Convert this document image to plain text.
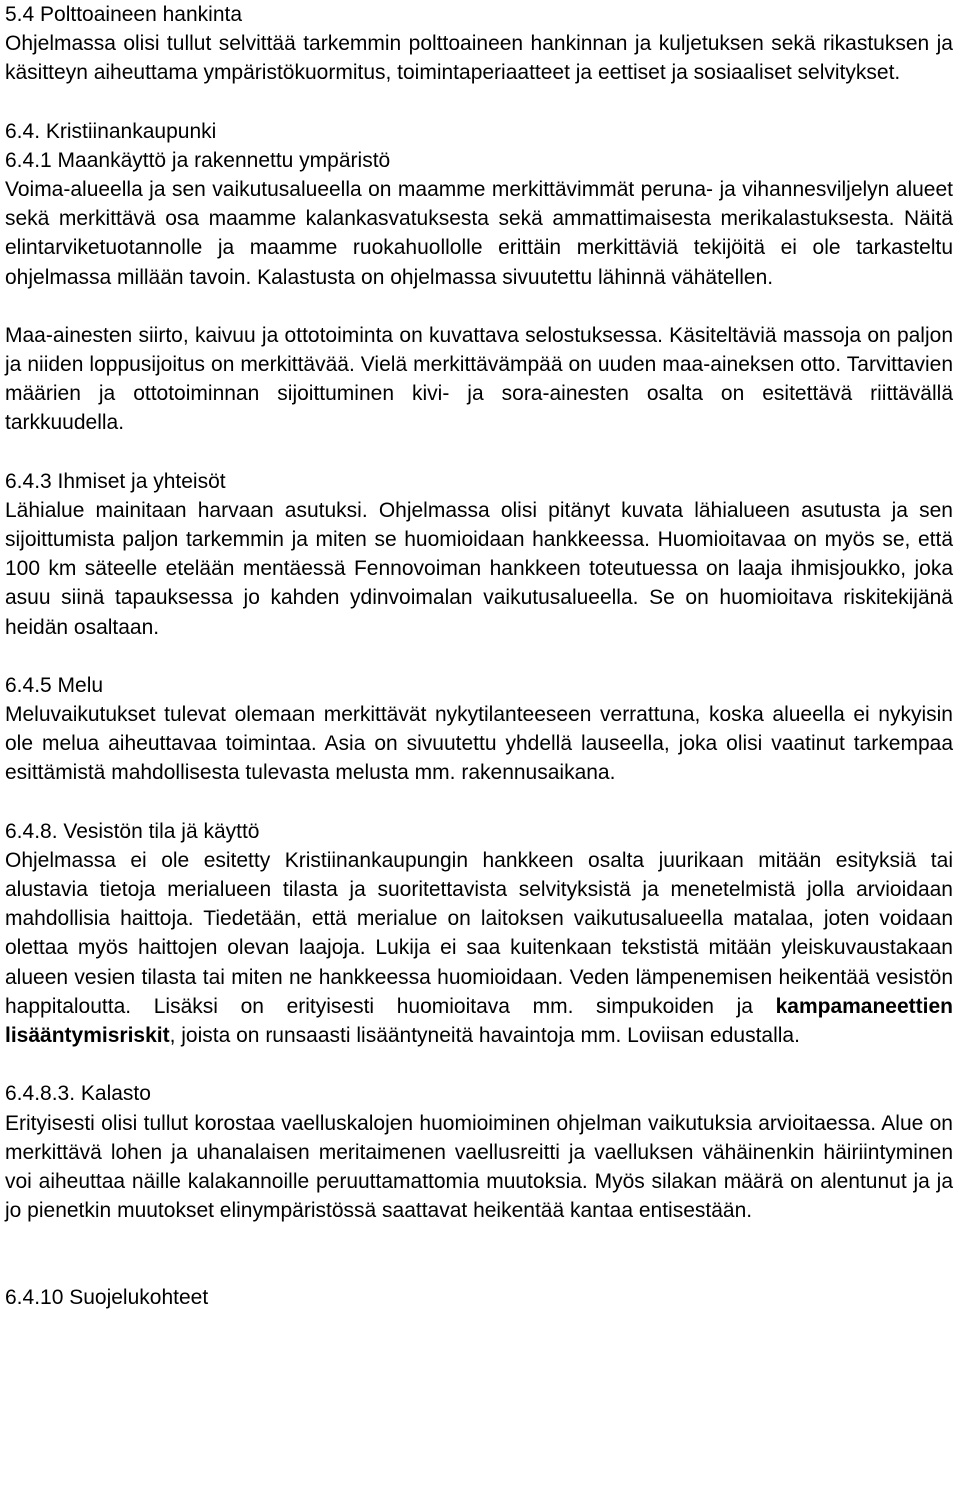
5.4 Polttoaineen hankinta

Ohjelmassa olisi tullut selvittää tarkemmin polttoaineen hankinnan ja kuljetuksen sekä rikastuksen ja käsitteyn aiheuttama ympäristökuormitus, toimintaperiaatteet ja eettiset ja sosiaaliset selvitykset.

6.4. Kristiinankaupunki
6.4.1 Maankäyttö ja rakennettu ympäristö

Voima-alueella ja sen vaikutusalueella on maamme merkittävimmät peruna- ja vihannesviljelyn alueet sekä merkittävä osa maamme kalankasvatuksesta sekä ammattimaisesta merikalastuksesta. Näitä elintarviketuotannolle ja maamme ruokahuollolle erittäin merkittäviä tekijöitä ei ole tarkasteltu ohjelmassa millään tavoin. Kalastusta on ohjelmassa sivuutettu lähinnä vähätellen.

Maa-ainesten siirto, kaivuu ja ottotoiminta on kuvattava selostuksessa. Käsiteltäviä massoja on paljon ja niiden loppusijoitus on merkittävää. Vielä merkittävämpää on uuden maa-aineksen otto. Tarvittavien määrien ja ottotoiminnan sijoittuminen kivi- ja sora-ainesten osalta on esitettävä riittävällä tarkkuudella.

6.4.3 Ihmiset ja yhteisöt

Lähialue mainitaan harvaan asutuksi. Ohjelmassa olisi pitänyt kuvata lähialueen asutusta ja sen sijoittumista paljon tarkemmin ja miten se huomioidaan hankkeessa. Huomioitavaa on myös se, että 100 km säteelle etelään mentäessä Fennovoiman hankkeen toteutuessa on laaja ihmisjoukko, joka asuu siinä tapauksessa jo kahden ydinvoimalan vaikutusalueella. Se on huomioitava riskitekijänä heidän osaltaan.

6.4.5 Melu

Meluvaikutukset tulevat olemaan merkittävät nykytilanteeseen verrattuna, koska alueella ei nykyisin ole melua aiheuttavaa toimintaa. Asia on sivuutettu yhdellä lauseella, joka olisi vaatinut tarkempaa esittämistä mahdollisesta tulevasta melusta mm. rakennusaikana.

6.4.8. Vesistön tila jä käyttö

Ohjelmassa ei ole esitetty Kristiinankaupungin hankkeen osalta juurikaan mitään esityksiä tai alustavia tietoja merialueen tilasta ja suoritettavista selvityksistä ja menetelmistä jolla arvioidaan mahdollisia haittoja. Tiedetään, että merialue on laitoksen vaikutusalueella matalaa, joten voidaan olettaa myös haittojen olevan laajoja. Lukija ei saa kuitenkaan tekstistä mitään yleiskuvaustakaan alueen vesien tilasta tai miten ne hankkeessa huomioidaan. Veden lämpenemisen heikentää vesistön happitaloutta. Lisäksi on erityisesti huomioitava mm. simpukoiden ja kampamaneettien lisääntymisriskit, joista on runsaasti lisääntyneitä havaintoja mm. Loviisan edustalla.

6.4.8.3. Kalasto

Erityisesti olisi tullut korostaa vaelluskalojen huomioiminen ohjelman vaikutuksia arvioitaessa. Alue on merkittävä lohen ja uhanalaisen meritaimenen vaellusreitti ja vaelluksen vähäinenkin häiriintyminen voi aiheuttaa näille kalakannoille peruuttamattomia muutoksia. Myös silakan määrä on alentunut ja ja jo pienetkin muutokset elinympäristössä saattavat heikentää kantaa entisestään.

6.4.10 Suojelukohteet
